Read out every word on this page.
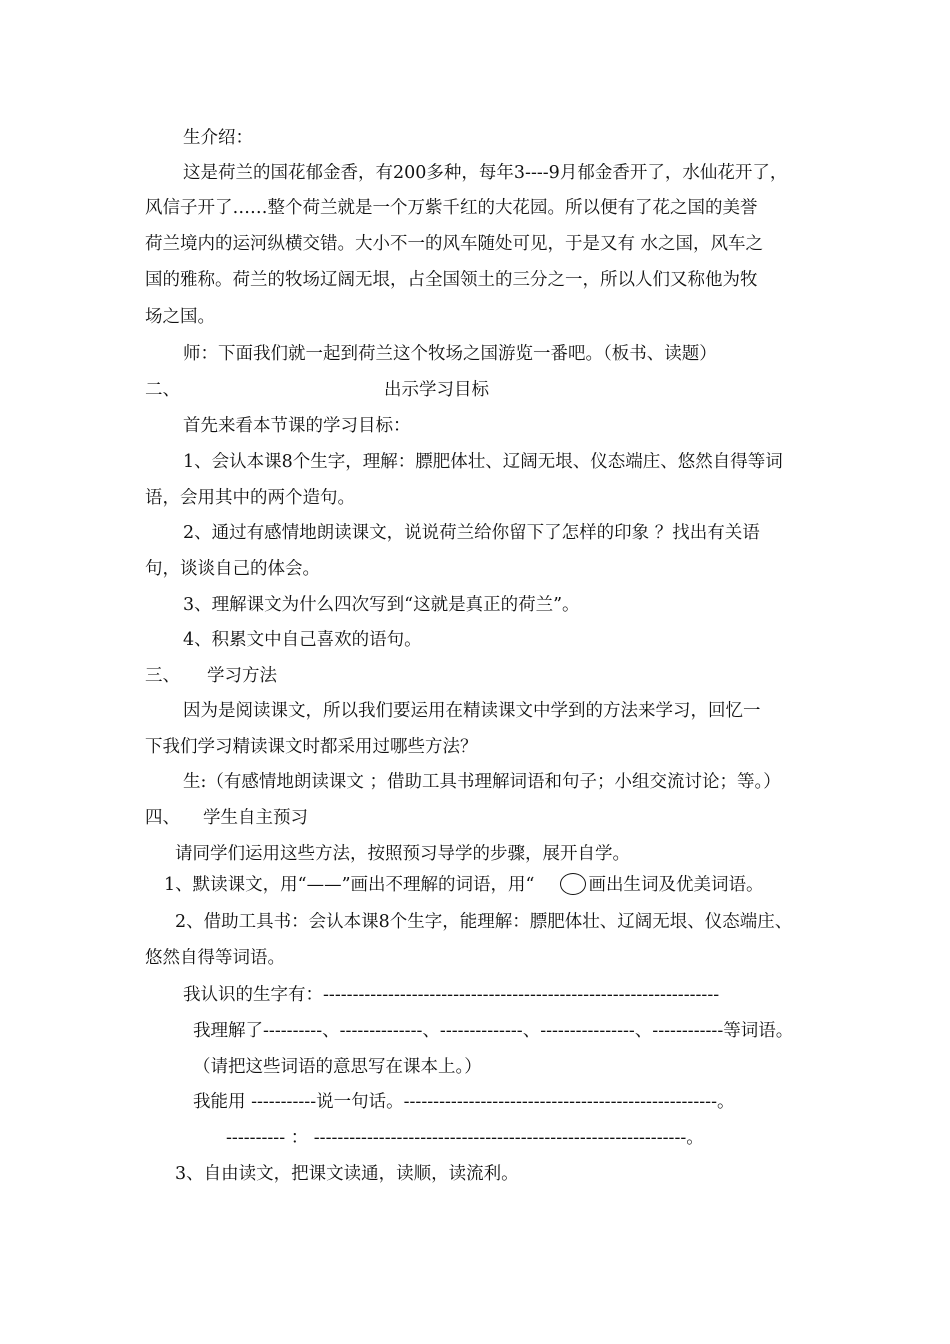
生介绍：
这是荷兰的国花郁金香，有200多种，每年3----9月郁金香开了，水仙花开了，
风信子开了……整个荷兰就是一个万紫千红的大花园。所以便有了花之国的美誉
荷兰境内的运河纵横交错。大小不一的风车随处可见，于是又有 水之国，风车之
国的雅称。荷兰的牧场辽阔无垠，占全国领土的三分之一，所以人们又称他为牧
场之国。
师：下面我们就一起到荷兰这个牧场之国游览一番吧。（板书、读题）
二、	出示学习目标
首先来看本节课的学习目标：
1、会认本课8个生字，理解：膘肥体壮、辽阔无垠、仪态端庄、悠然自得等词
语，会用其中的两个造句。
2、通过有感情地朗读课文，说说荷兰给你留下了怎样的印象 ？找出有关语
句，谈谈自己的体会。
3、理解课文为什么四次写到“这就是真正的荷兰”。
4、积累文中自己喜欢的语句。
三、 学习方法
因为是阅读课文，所以我们要运用在精读课文中学到的方法来学习，回忆一
下我们学习精读课文时都采用过哪些方法？
生:（有感情地朗读课文 ；借助工具书理解词语和句子；小组交流讨论；等。）
四、 学生自主预习
请同学们运用这些方法，按照预习导学的步骤，展开自学。
1、默读课文，用“——”画出不理解的词语，用“ ○ 画出生词及优美词语。
2、借助工具书：会认本课8个生字，能理解：膘肥体壮、辽阔无垠、仪态端庄、
悠然自得等词语。
我认识的生字有：-------------------------------------------------------------------
我理解了----------、--------------、--------------、----------------、------------等词语。
（请把这些词语的意思写在课本上。）
我能用 -----------说一句话。-----------------------------------------------------。
---------- ： ---------------------------------------------------------------。
3、自由读文，把课文读通，读顺，读流利。
